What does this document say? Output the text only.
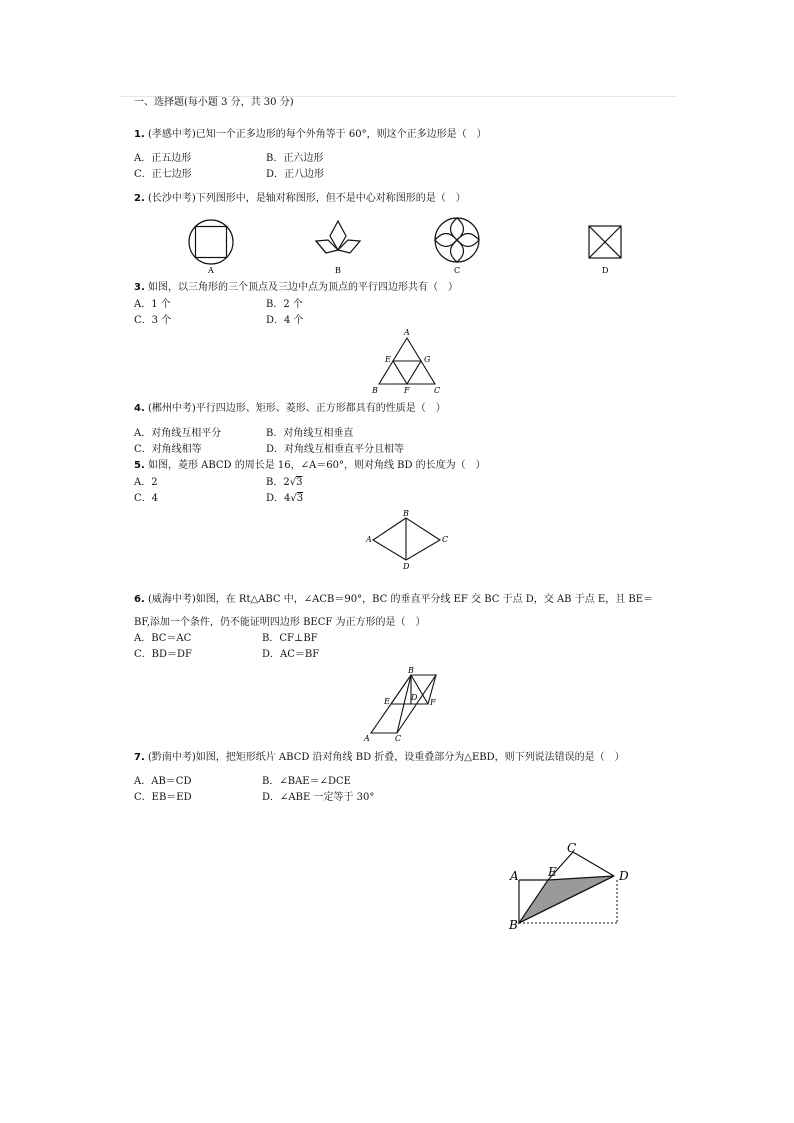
一、选择题(每小题 3 分，共 30 分)
1. (孝感中考)已知一个正多边形的每个外角等于 60°，则这个正多边形是（　）
A．正五边形	B．正六边形
C．正七边形	D．正八边形
2. (长沙中考)下列图形中，是轴对称图形，但不是中心对称图形的是（　）
A	B	C	D
A
E	G
B	F	C
B
A	C
D
B
E	D
F
A	C
C
A E	D
B
3. 如图，以三角形的三个顶点及三边中点为顶点的平行四边形共有（　）
A．1 个	B．2 个
C．3 个	D．4 个
4. (郴州中考)平行四边形、矩形、菱形、正方形都具有的性质是（　）
A．对角线互相平分	B．对角线互相垂直
C．对角线相等	D．对角线互相垂直平分且相等
5. 如图，菱形 ABCD 的周长是 16，∠A＝60°，则对角线 BD 的长度为（　）
A．2	B．2√3
C．4	D．4√3
6. (威海中考)如图，在 Rt△ABC 中，∠ACB＝90°，BC 的垂直平分线 EF 交 BC 于点 D，交 AB 于点 E，且 BE＝
BF,添加一个条件，仍不能证明四边形 BECF 为正方形的是（　）
A．BC＝AC	B．CF⊥BF
C．BD＝DF	D．AC＝BF
7. (黔南中考)如图，把矩形纸片 ABCD 沿对角线 BD 折叠，设重叠部分为△EBD，则下列说法错误的是（　）
A．AB＝CD	B．∠BAE＝∠DCE
C．EB＝ED	D．∠ABE 一定等于 30°
